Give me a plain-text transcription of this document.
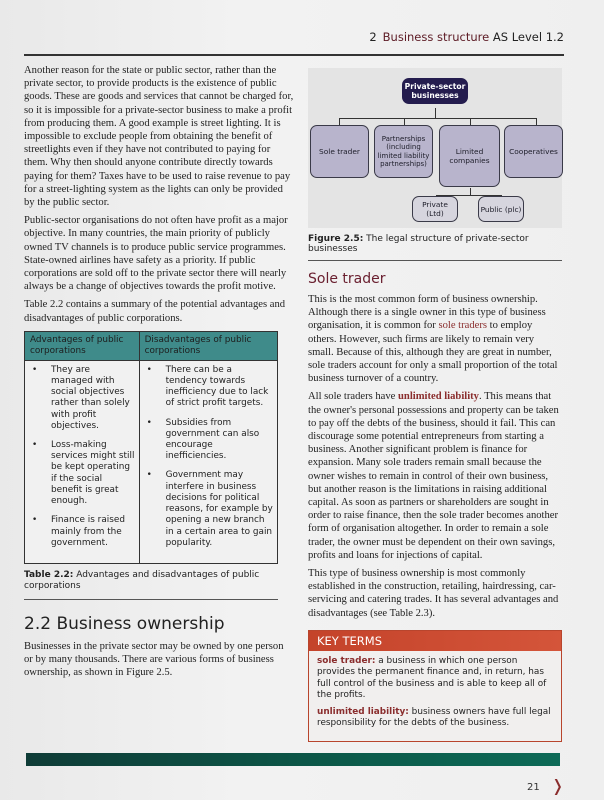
2 Business structure AS Level 1.2

Another reason for the state or public sector, rather than the private sector, to provide products is the existence of public goods. These are goods and services that cannot be charged for, so it is impossible for a private-sector business to make a profit from producing them. A good example is street lighting. It is impossible to exclude people from obtaining the benefit of streetlights even if they have not contributed to paying for them. Why then should anyone contribute directly towards paying for them? Taxes have to be used to raise revenue to pay for a street-lighting system as the lights can only be provided by the public sector.

Public-sector organisations do not often have profit as a major objective. In many countries, the main priority of publicly owned TV channels is to produce public service programmes. State-owned airlines have safety as a priority. If public corporations are sold off to the private sector there will nearly always be a change of objectives towards the profit motive.

Table 2.2 contains a summary of the potential advantages and disadvantages of public corporations.

Advantages of public corporations	Disadvantages of public corporations

• They are managed with social objectives rather than solely with profit objectives.
• Loss-making services might still be kept operating if the social benefit is great enough.
• Finance is raised mainly from the government.

• There can be a tendency towards inefficiency due to lack of strict profit targets.
• Subsidies from government can also encourage inefficiencies.
• Government may interfere in business decisions for political reasons, for example by opening a new branch in a certain area to gain popularity.
Table 2.2: Advantages and disadvantages of public corporations
2.2 Business ownership

Businesses in the private sector may be owned by one person or by many thousands. There are various forms of business ownership, as shown in Figure 2.5.

Private-sector businesses
Sole trader
Partnerships (including limited liability partnerships)
Limited companies
Cooperatives
Private (Ltd)	Public (plc)
Figure 2.5: The legal structure of private-sector businesses
Sole trader

This is the most common form of business ownership. Although there is a single owner in this type of business organisation, it is common for sole traders to employ others. However, such firms are likely to remain very small. Because of this, although they are great in number, sole traders account for only a small proportion of the total business turnover of a country.

All sole traders have unlimited liability. This means that the owner's personal possessions and property can be taken to pay off the debts of the business, should it fail. This can discourage some potential entrepreneurs from starting a business. Another significant problem is finance for expansion. Many sole traders remain small because the owner wishes to remain in control of their own business, but another reason is the limitations in raising additional capital. As soon as partners or shareholders are sought in order to raise finance, then the sole trader becomes another form of organisation altogether. In order to remain a sole trader, the owner must be dependent on their own savings, profits and loans for injections of capital.

This type of business ownership is most commonly established in the construction, retailing, hairdressing, car-servicing and catering trades. It has several advantages and disadvantages (see Table 2.3).

KEY TERMS
sole trader: a business in which one person provides the permanent finance and, in return, has full control of the business and is able to keep all of the profits.
unlimited liability: business owners have full legal responsibility for the debts of the business.
21 ❭
